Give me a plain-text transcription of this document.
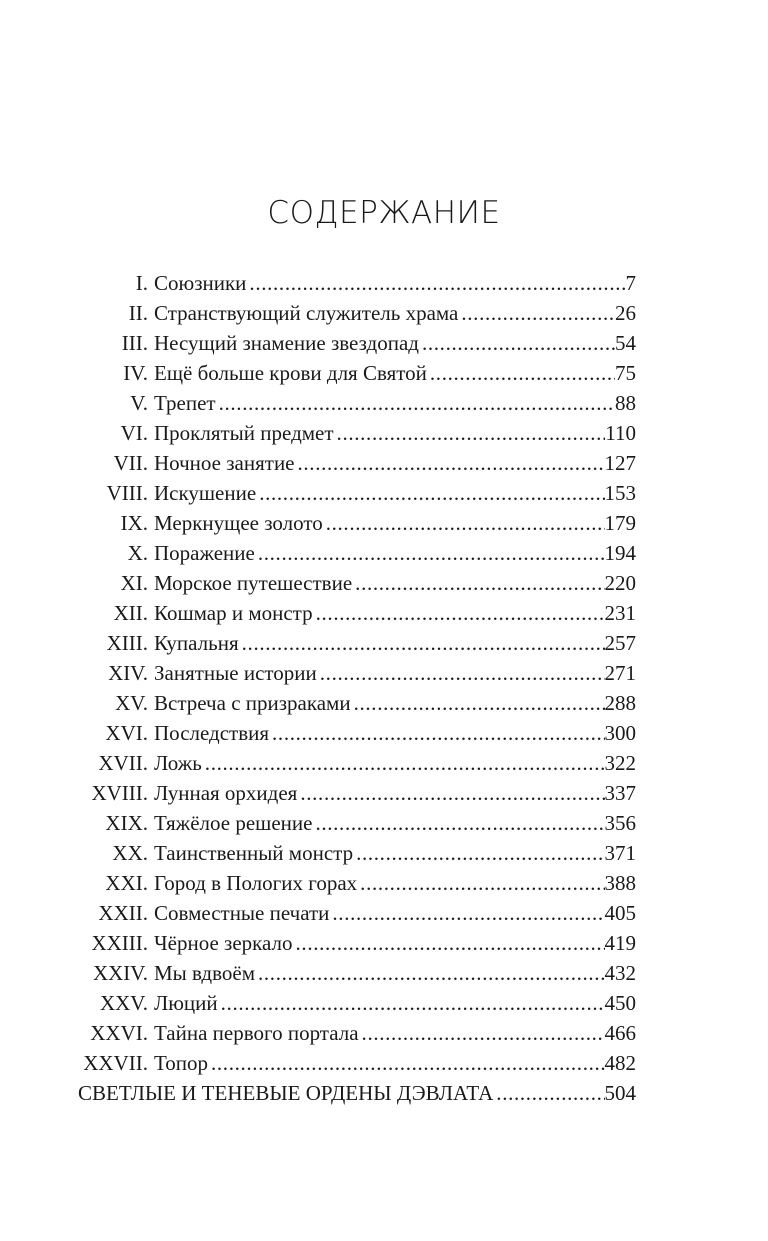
СОДЕРЖАНИЕ
I. Союзники . . .	7
II. Странствующий служитель храма . . .	26
III. Несущий знамение звездопад . . .	54
IV. Ещё больше крови для Святой . . .	75
V. Трепет . . .	88
VI. Проклятый предмет . . .	110
VII. Ночное занятие . . .	127
VIII. Искушение . . .	153
IX. Меркнущее золото . . .	179
X. Поражение . . .	194
XI. Морское путешествие . . .	220
XII. Кошмар и монстр . . .	231
XIII. Купальня . . .	257
XIV. Занятные истории . . .	271
XV. Встреча с призраками . . .	288
XVI. Последствия . . .	300
XVII. Ложь . . .	322
XVIII. Лунная орхидея . . .	337
XIX. Тяжёлое решение . . .	356
XX. Таинственный монстр . . .	371
XXI. Город в Пологих горах . . .	388
XXII. Совместные печати . . .	405
XXIII. Чёрное зеркало . . .	419
XXIV. Мы вдвоём . . .	432
XXV. Люций . . .	450
XXVI. Тайна первого портала . . .	466
XXVII. Топор . . .	482
СВЕТЛЫЕ И ТЕНЕВЫЕ ОРДЕНЫ ДЭВЛАТА . . .	504
